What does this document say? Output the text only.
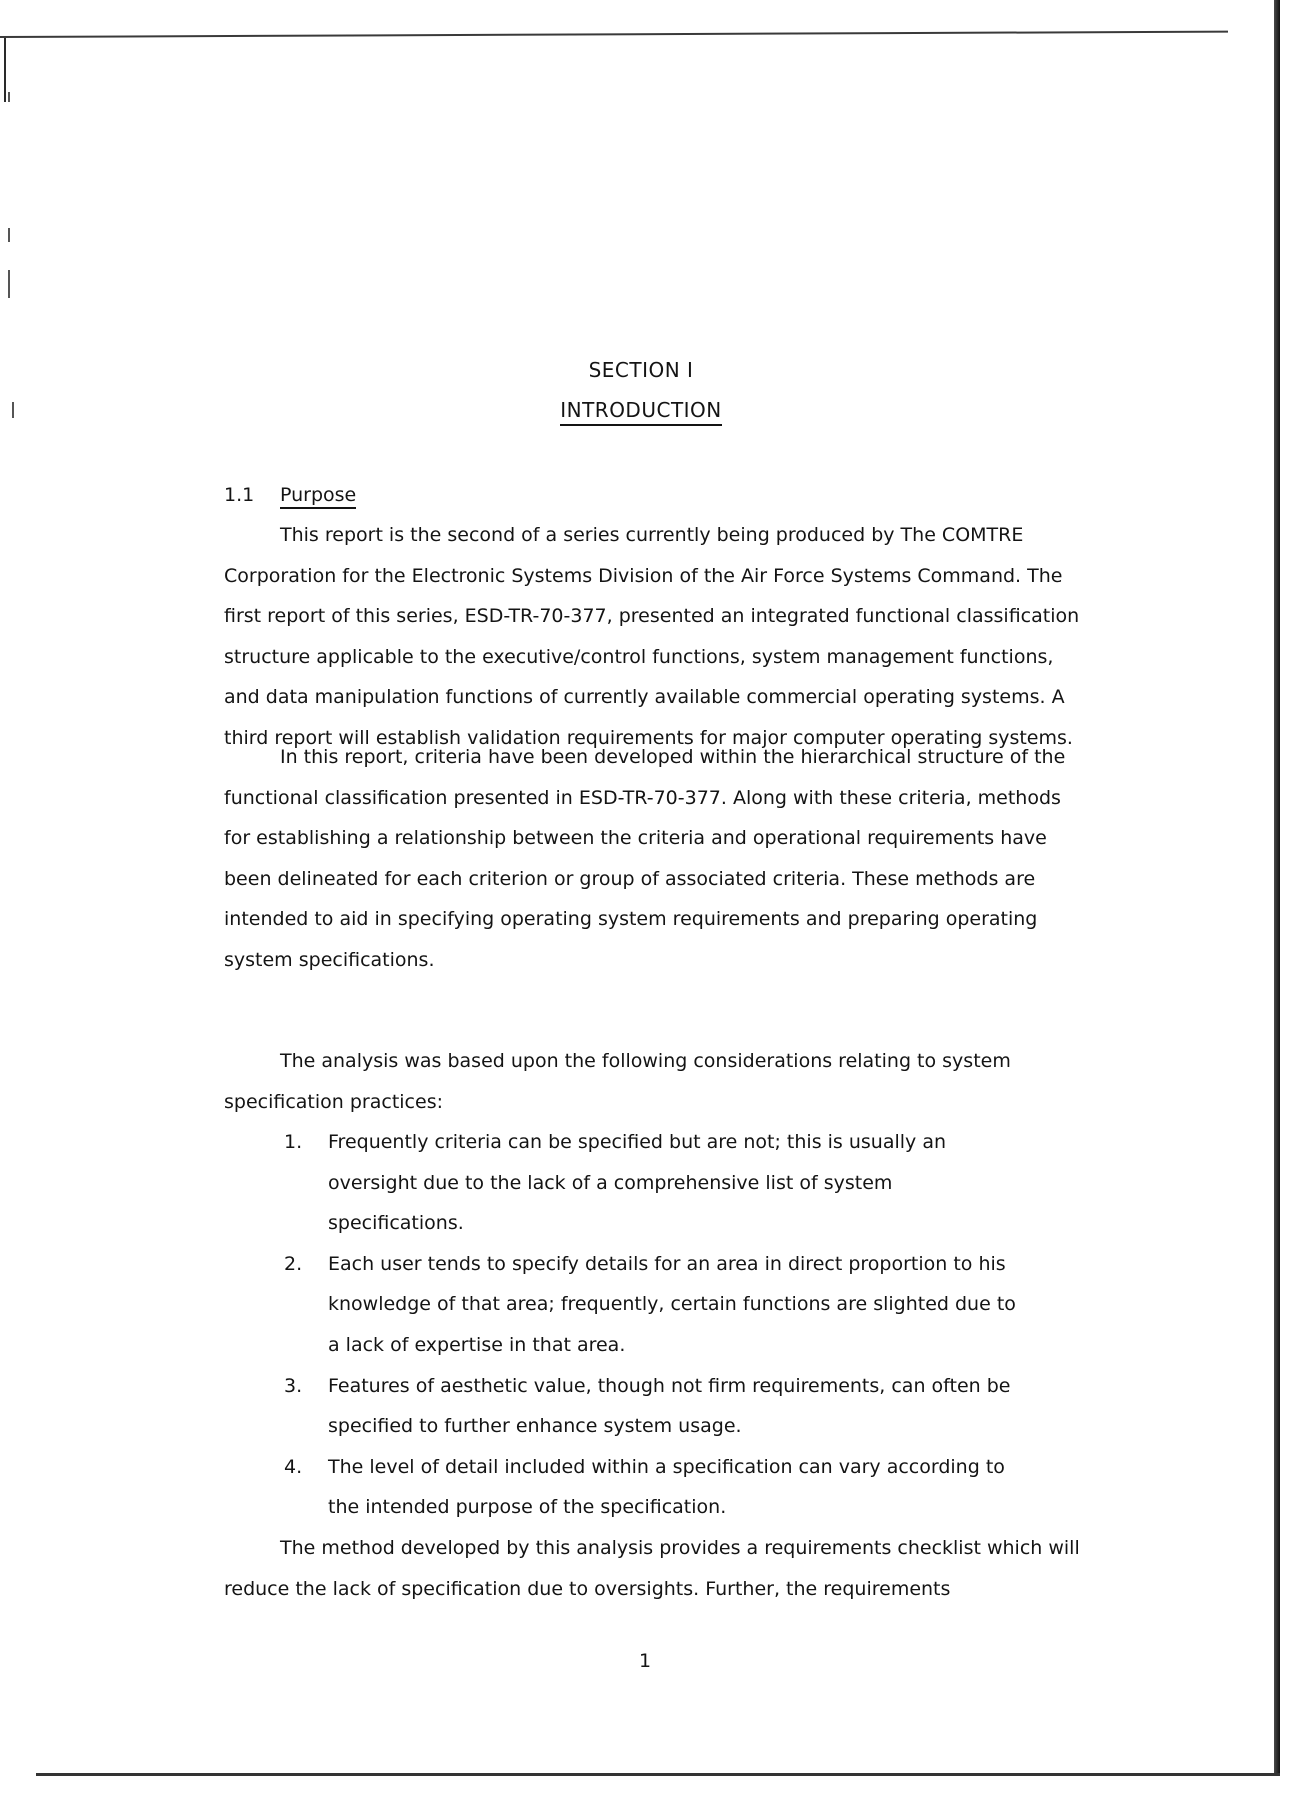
SECTION I
INTRODUCTION
1.1 Purpose

This report is the second of a series currently being produced by The COMTRE Corporation for the Electronic Systems Division of the Air Force Systems Command. The first report of this series, ESD-TR-70-377, presented an integrated functional classification structure applicable to the executive/control functions, system management functions, and data manipulation functions of currently available commercial operating systems. A third report will establish validation requirements for major computer operating systems.

In this report, criteria have been developed within the hierarchical structure of the functional classification presented in ESD-TR-70-377. Along with these criteria, methods for establishing a relationship between the criteria and operational requirements have been delineated for each criterion or group of associated criteria. These methods are intended to aid in specifying operating system requirements and preparing operating system specifications.

The analysis was based upon the following considerations relating to system specification practices:

1.	Frequently criteria can be specified but are not; this is usually an oversight due to the lack of a comprehensive list of system specifications.
2.	Each user tends to specify details for an area in direct proportion to his knowledge of that area; frequently, certain functions are slighted due to a lack of expertise in that area.
3.	Features of aesthetic value, though not firm requirements, can often be specified to further enhance system usage.
4.	The level of detail included within a specification can vary according to the intended purpose of the specification.

The method developed by this analysis provides a requirements checklist which will reduce the lack of specification due to oversights. Further, the requirements

1
